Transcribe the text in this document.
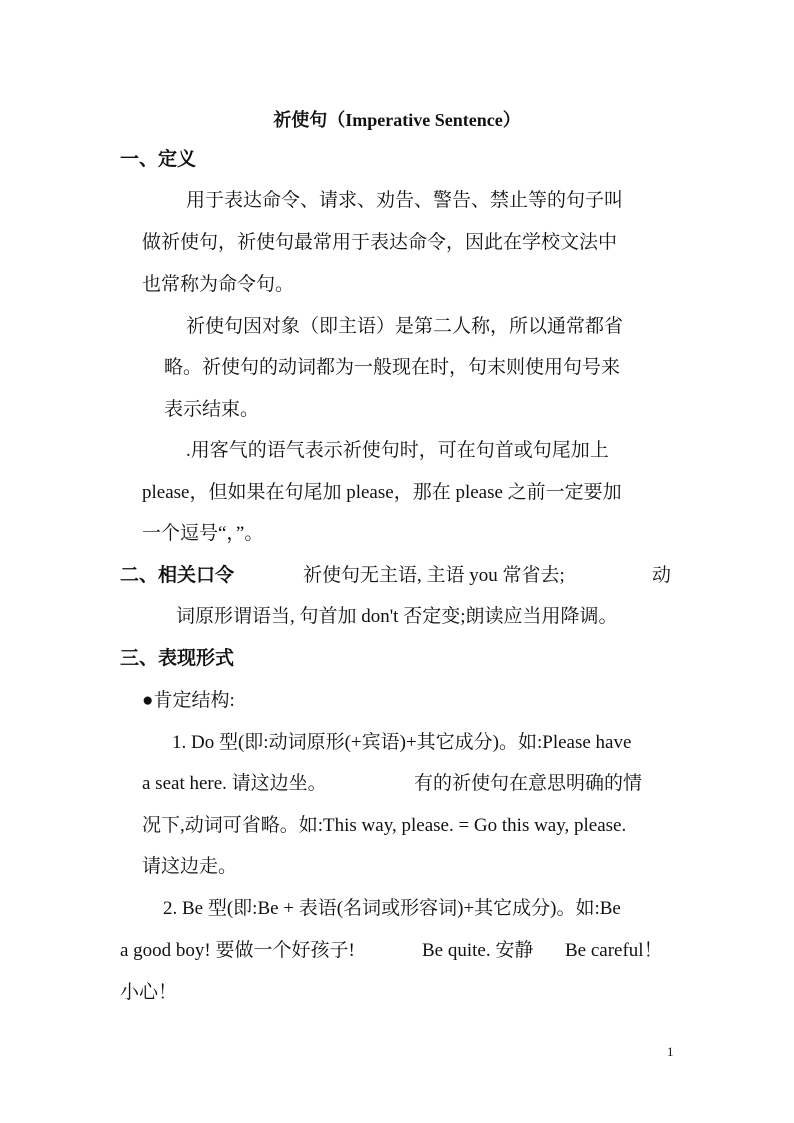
祈使句（Imperative Sentence）
一、定义
用于表达命令、请求、劝告、警告、禁止等的句子叫
做祈使句，祈使句最常用于表达命令，因此在学校文法中
也常称为命令句。
祈使句因对象（即主语）是第二人称，所以通常都省
略。祈使句的动词都为一般现在时，句末则使用句号来
表示结束。
.用客气的语气表示祈使句时，可在句首或句尾加上
please，但如果在句尾加 please，那在 please 之前一定要加
一个逗号“，”。
二、相关口令	祈使句无主语, 主语 you 常省去;	动
词原形谓语当, 句首加 don't 否定变;朗读应当用降调。
三、表现形式
●肯定结构:
1. Do 型(即:动词原形(+宾语)+其它成分)。如:Please have
a seat here. 请这边坐。	有的祈使句在意思明确的情
况下,动词可省略。如:This way, please. = Go this way, please.
请这边走。
2. Be 型(即:Be + 表语(名词或形容词)+其它成分)。如:Be
a good boy! 要做一个好孩子!	Be quite. 安静 Be careful！
小心！
1
